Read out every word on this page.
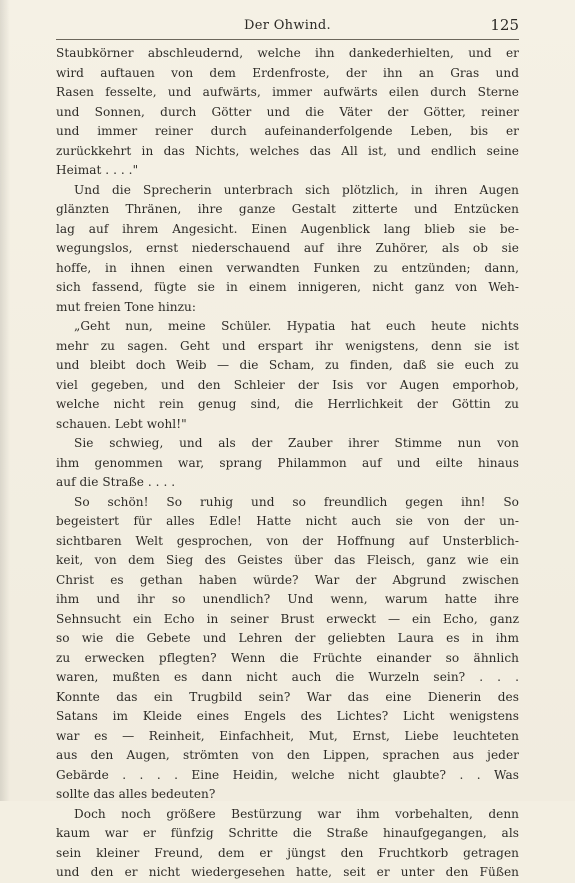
Der Ohwind.	125
Staubkörner abschleudernd, welche ihn dankederhielten, und er
wird auftauen von dem Erdenfroste, der ihn an Gras und
Rasen fesselte, und aufwärts, immer aufwärts eilen durch Sterne
und Sonnen, durch Götter und die Väter der Götter, reiner
und immer reiner durch aufeinanderfolgende Leben, bis er
zurückkehrt in das Nichts, welches das All ist, und endlich seine
Heimat . . . ."
Und die Sprecherin unterbrach sich plötzlich, in ihren Augen
glänzten Thränen, ihre ganze Gestalt zitterte und Entzücken
lag auf ihrem Angesicht. Einen Augenblick lang blieb sie be-
wegungslos, ernst niederschauend auf ihre Zuhörer, als ob sie
hoffe, in ihnen einen verwandten Funken zu entzünden; dann,
sich fassend, fügte sie in einem innigeren, nicht ganz von Weh-
mut freien Tone hinzu:
„Geht nun, meine Schüler. Hypatia hat euch heute nichts
mehr zu sagen. Geht und erspart ihr wenigstens, denn sie ist
und bleibt doch Weib — die Scham, zu finden, daß sie euch zu
viel gegeben, und den Schleier der Isis vor Augen emporhob,
welche nicht rein genug sind, die Herrlichkeit der Göttin zu
schauen. Lebt wohl!"
Sie schwieg, und als der Zauber ihrer Stimme nun von
ihm genommen war, sprang Philammon auf und eilte hinaus
auf die Straße . . . .
So schön! So ruhig und so freundlich gegen ihn! So
begeistert für alles Edle! Hatte nicht auch sie von der un-
sichtbaren Welt gesprochen, von der Hoffnung auf Unsterblich-
keit, von dem Sieg des Geistes über das Fleisch, ganz wie ein
Christ es gethan haben würde? War der Abgrund zwischen
ihm und ihr so unendlich? Und wenn, warum hatte ihre
Sehnsucht ein Echo in seiner Brust erweckt — ein Echo, ganz
so wie die Gebete und Lehren der geliebten Laura es in ihm
zu erwecken pflegten? Wenn die Früchte einander so ähnlich
waren, mußten es dann nicht auch die Wurzeln sein? . . .
Konnte das ein Trugbild sein? War das eine Dienerin des
Satans im Kleide eines Engels des Lichtes? Licht wenigstens
war es — Reinheit, Einfachheit, Mut, Ernst, Liebe leuchteten
aus den Augen, strömten von den Lippen, sprachen aus jeder
Gebärde . . . . Eine Heidin, welche nicht glaubte? . . Was
sollte das alles bedeuten?
Doch noch größere Bestürzung war ihm vorbehalten, denn
kaum war er fünfzig Schritte die Straße hinaufgegangen, als
sein kleiner Freund, dem er jüngst den Fruchtkorb getragen
und den er nicht wiedergesehen hatte, seit er unter den Füßen
